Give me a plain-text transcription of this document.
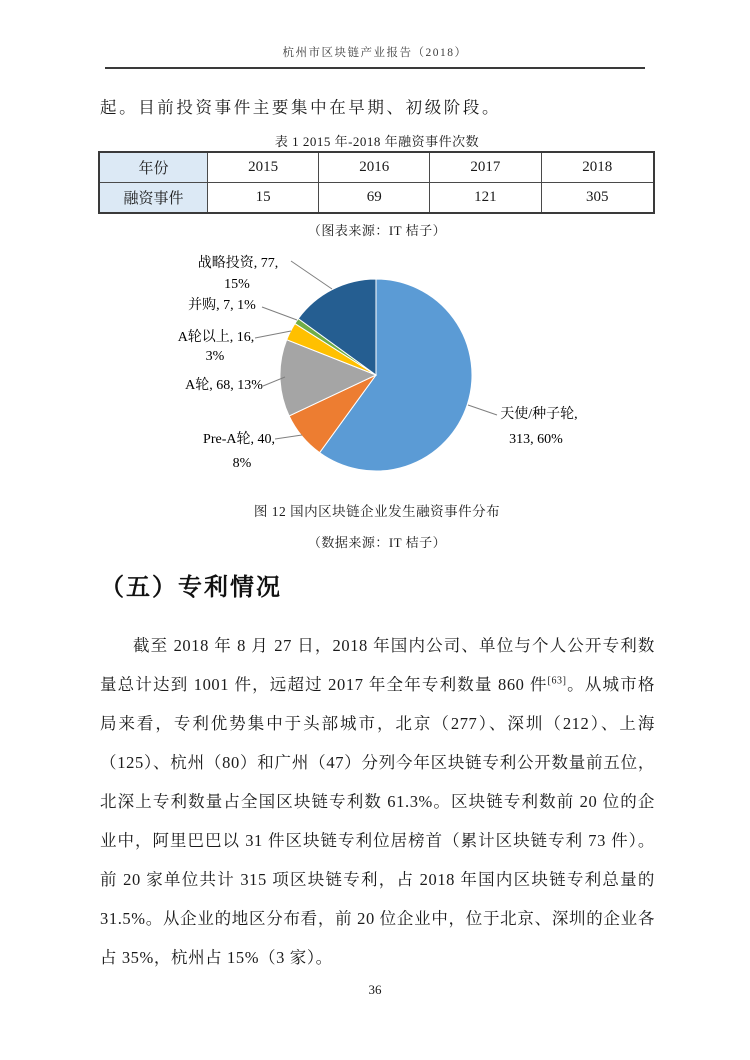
杭州市区块链产业报告（2018）
起。目前投资事件主要集中在早期、初级阶段。
表 1 2015 年-2018 年融资事件次数
年份	2015	2016	2017	2018
融资事件	15	69	121	305
（图表来源：IT 桔子）
天使/种子轮,
313, 60%
Pre-A轮, 40,
8%
A轮, 68, 13%
A轮以上, 16,
3%
并购, 7, 1%
战略投资, 77,
15%
图 12 国内区块链企业发生融资事件分布
（数据来源：IT 桔子）
（五）专利情况
截至 2018 年 8 月 27 日，2018 年国内公司、单位与个人公开专利数量总计达到 1001 件，远超过 2017 年全年专利数量 860 件[63]。从城市格局来看，专利优势集中于头部城市，北京（277）、深圳（212）、上海（125）、杭州（80）和广州（47）分列今年区块链专利公开数量前五位，北深上专利数量占全国区块链专利数 61.3%。区块链专利数前 20 位的企业中，阿里巴巴以 31 件区块链专利位居榜首（累计区块链专利 73 件）。前 20 家单位共计 315 项区块链专利，占 2018 年国内区块链专利总量的 31.5%。从企业的地区分布看，前 20 位企业中，位于北京、深圳的企业各占 35%，杭州占 15%（3 家）。
36
